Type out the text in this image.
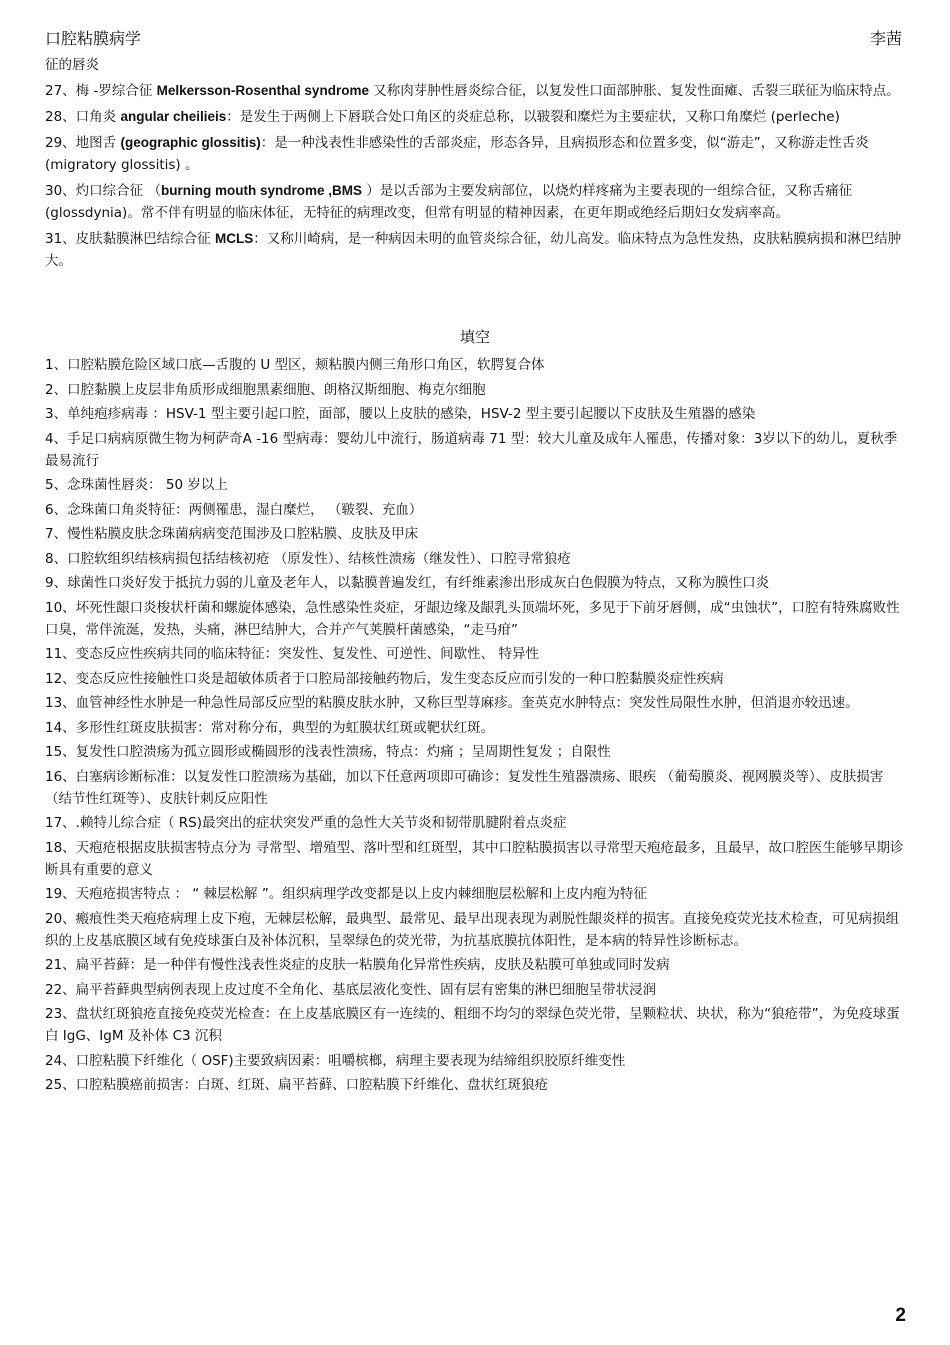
口腔粘膜病学	李茜

征的唇炎

27、梅 -罗综合征 Melkersson-Rosenthal syndrome 又称肉芽肿性唇炎综合征，以复发性口面部肿胀、复发性面瘫、舌裂三联征为临床特点。

28、口角炎 angular cheilieis：是发生于两侧上下唇联合处口角区的炎症总称，以皲裂和糜烂为主要症状，又称口角糜烂 (perleche)

29、地图舌 (geographic glossitis)：是一种浅表性非感染性的舌部炎症，形态各异，且病损形态和位置多变，似“游走”，又称游走性舌炎 (migratory glossitis) 。

30、灼口综合征 （burning mouth syndrome ,BMS ）是以舌部为主要发病部位，以烧灼样疼痛为主要表现的一组综合征，又称舌痛征 (glossdynia)。常不伴有明显的临床体征，无特征的病理改变，但常有明显的精神因素，在更年期或绝经后期妇女发病率高。

31、皮肤黏膜淋巴结综合征 MCLS：又称川崎病，是一种病因未明的血管炎综合征，幼儿高发。临床特点为急性发热，皮肤粘膜病损和淋巴结肿大。

填空

1、口腔粘膜危险区域口底—舌腹的 U 型区，颊粘膜内侧三角形口角区，软腭复合体

2、口腔黏膜上皮层非角质形成细胞黑素细胞、朗格汉斯细胞、梅克尔细胞

3、单纯疱疹病毒 ：HSV-1 型主要引起口腔，面部，腰以上皮肤的感染，HSV-2 型主要引起腰以下皮肤及生殖器的感染

4、手足口病病原微生物为柯萨奇A -16 型病毒：婴幼儿中流行，肠道病毒 71 型：较大儿童及成年人罹患，传播对象：3岁以下的幼儿，夏秋季最易流行

5、念珠菌性唇炎： 50 岁以上

6、念珠菌口角炎特征：两侧罹患，湿白糜烂， （皲裂、充血）

7、慢性粘膜皮肤念珠菌病病变范围涉及口腔粘膜、皮肤及甲床

8、口腔软组织结核病损包括结核初疮 （原发性）、结核性溃疡（继发性）、口腔寻常狼疮

9、球菌性口炎好发于抵抗力弱的儿童及老年人，以黏膜普遍发红，有纤维素渗出形成灰白色假膜为特点，又称为膜性口炎

10、坏死性龈口炎梭状杆菌和螺旋体感染，急性感染性炎症，牙龈边缘及龈乳头顶端坏死，多见于下前牙唇侧，成“虫蚀状”，口腔有特殊腐败性口臭，常伴流涎，发热，头痛，淋巴结肿大，合并产气荚膜杆菌感染，“走马疳”

11、变态反应性疾病共同的临床特征：突发性、复发性、可逆性、间歇性、 特异性

12、变态反应性接触性口炎是超敏体质者于口腔局部接触药物后，发生变态反应而引发的一种口腔黏膜炎症性疾病

13、血管神经性水肿是一种急性局部反应型的粘膜皮肤水肿，又称巨型荨麻疹。奎英克水肿特点：突发性局限性水肿，但消退亦较迅速。

14、多形性红斑皮肤损害：常对称分布，典型的为虹膜状红斑或靶状红斑。

15、复发性口腔溃疡为孤立圆形或椭圆形的浅表性溃疡，特点：灼痛 ；呈周期性复发 ；自限性

16、白塞病诊断标准：以复发性口腔溃疡为基础，加以下任意两项即可确诊：复发性生殖器溃疡、眼疾 （葡萄膜炎、视网膜炎等）、皮肤损害 （结节性红斑等）、皮肤针刺反应阳性

17、.赖特儿综合症（ RS)最突出的症状突发严重的急性大关节炎和韧带肌腱附着点炎症

18、天疱疮根据皮肤损害特点分为 寻常型、增殖型、落叶型和红斑型，其中口腔粘膜损害以寻常型天疱疮最多，且最早，故口腔医生能够早期诊断具有重要的意义

19、天疱疮损害特点 ： “ 棘层松解 ”。组织病理学改变都是以上皮内棘细胞层松解和上皮内疱为特征

20、瘢痕性类天疱疮病理上皮下疱，无棘层松解，最典型、最常见、最早出现表现为剥脱性龈炎样的损害。直接免疫荧光技术检查，可见病损组织的上皮基底膜区域有免疫球蛋白及补体沉积，呈翠绿色的荧光带，为抗基底膜抗体阳性，是本病的特异性诊断标志。

21、扁平苔藓：是一种伴有慢性浅表性炎症的皮肤一粘膜角化异常性疾病，皮肤及粘膜可单独或同时发病

22、扁平苔藓典型病例表现上皮过度不全角化、基底层液化变性、固有层有密集的淋巴细胞呈带状浸润

23、盘状红斑狼疮直接免疫荧光检查：在上皮基底膜区有一连续的、粗细不均匀的翠绿色荧光带，呈颗粒状、块状，称为“狼疮带”，为免疫球蛋白 IgG、IgM 及补体 C3 沉积

24、口腔粘膜下纤维化（ OSF)主要致病因素：咀嚼槟榔，病理主要表现为结缔组织胶原纤维变性

25、口腔粘膜癌前损害：白斑、红斑、扁平苔藓、口腔粘膜下纤维化、盘状红斑狼疮

2
